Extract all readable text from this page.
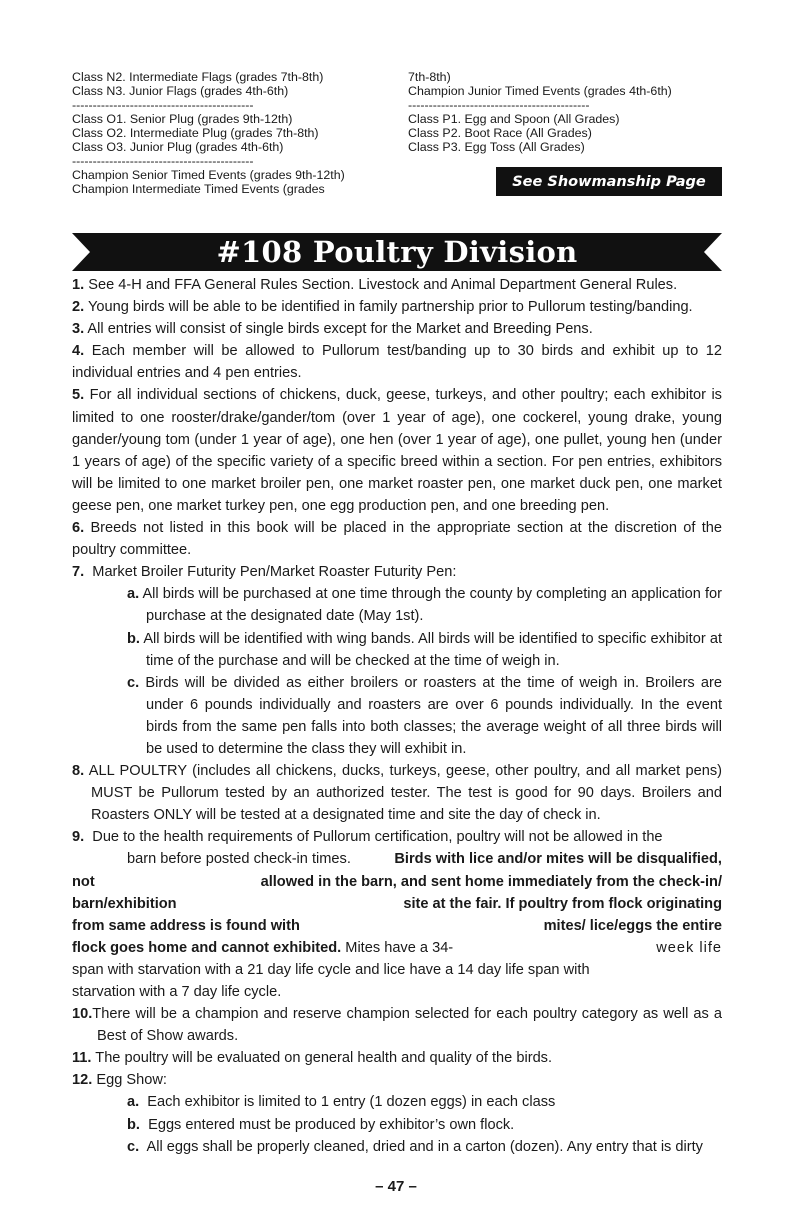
Class N2. Intermediate Flags (grades 7th-8th)
Class N3. Junior Flags (grades 4th-6th)
--------------------------------------------
Class O1. Senior Plug (grades 9th-12th)
Class O2. Intermediate Plug (grades 7th-8th)
Class O3. Junior Plug (grades 4th-6th)
--------------------------------------------
Champion Senior Timed Events (grades 9th-12th)
Champion Intermediate Timed Events (grades
7th-8th)
Champion Junior Timed Events (grades 4th-6th)
--------------------------------------------
Class P1. Egg and Spoon (All Grades)
Class P2. Boot Race (All Grades)
Class P3. Egg Toss (All Grades)
See Showmanship Page
#108 Poultry Division
1. See 4-H and FFA General Rules Section. Livestock and Animal Department General Rules.
2. Young birds will be able to be identified in family partnership prior to Pullorum testing/banding.
3. All entries will consist of single birds except for the Market and Breeding Pens.
4. Each member will be allowed to Pullorum test/banding up to 30 birds and exhibit up to 12 individual entries and 4 pen entries.
5. For all individual sections of chickens, duck, geese, turkeys, and other poultry; each exhibitor is limited to one rooster/drake/gander/tom (over 1 year of age), one cockerel, young drake, young gander/young tom (under 1 year of age), one hen (over 1 year of age), one pullet, young hen (under 1 years of age) of the specific variety of a specific breed within a section. For pen entries, exhibitors will be limited to one market broiler pen, one market roaster pen, one market duck pen, one market geese pen, one market turkey pen, one egg production pen, and one breeding pen.
6. Breeds not listed in this book will be placed in the appropriate section at the discretion of the poultry committee.
7. Market Broiler Futurity Pen/Market Roaster Futurity Pen:
a. All birds will be purchased at one time through the county by completing an application for purchase at the designated date (May 1st).
b. All birds will be identified with wing bands. All birds will be identified to specific exhibitor at time of the purchase and will be checked at the time of weigh in.
c. Birds will be divided as either broilers or roasters at the time of weigh in. Broilers are under 6 pounds individually and roasters are over 6 pounds individually. In the event birds from the same pen falls into both classes; the average weight of all three birds will be used to determine the class they will exhibit in.
8. ALL POULTRY (includes all chickens, ducks, turkeys, geese, other poultry, and all market pens) MUST be Pullorum tested by an authorized tester. The test is good for 90 days. Broilers and Roasters ONLY will be tested at a designated time and site the day of check in.
9. Due to the health requirements of Pullorum certification, poultry will not be allowed in the
barn before posted check-in times.	Birds with lice and/or mites will be disqualified,
not	allowed in the barn, and sent home immediately from the check-in/
barn/exhibition	site at the fair. If poultry from flock originating
from same address is found with	mites/ lice/eggs the entire
flock goes home and cannot exhibited. Mites have a 34-	week life
span with starvation with a 21 day life cycle and lice have a 14 day life span with
starvation with a 7 day life cycle.
10.There will be a champion and reserve champion selected for each poultry category as well as a Best of Show awards.
11. The poultry will be evaluated on general health and quality of the birds.
12. Egg Show:
a. Each exhibitor is limited to 1 entry (1 dozen eggs) in each class
b. Eggs entered must be produced by exhibitor’s own flock.
c. All eggs shall be properly cleaned, dried and in a carton (dozen). Any entry that is dirty
– 47 –
